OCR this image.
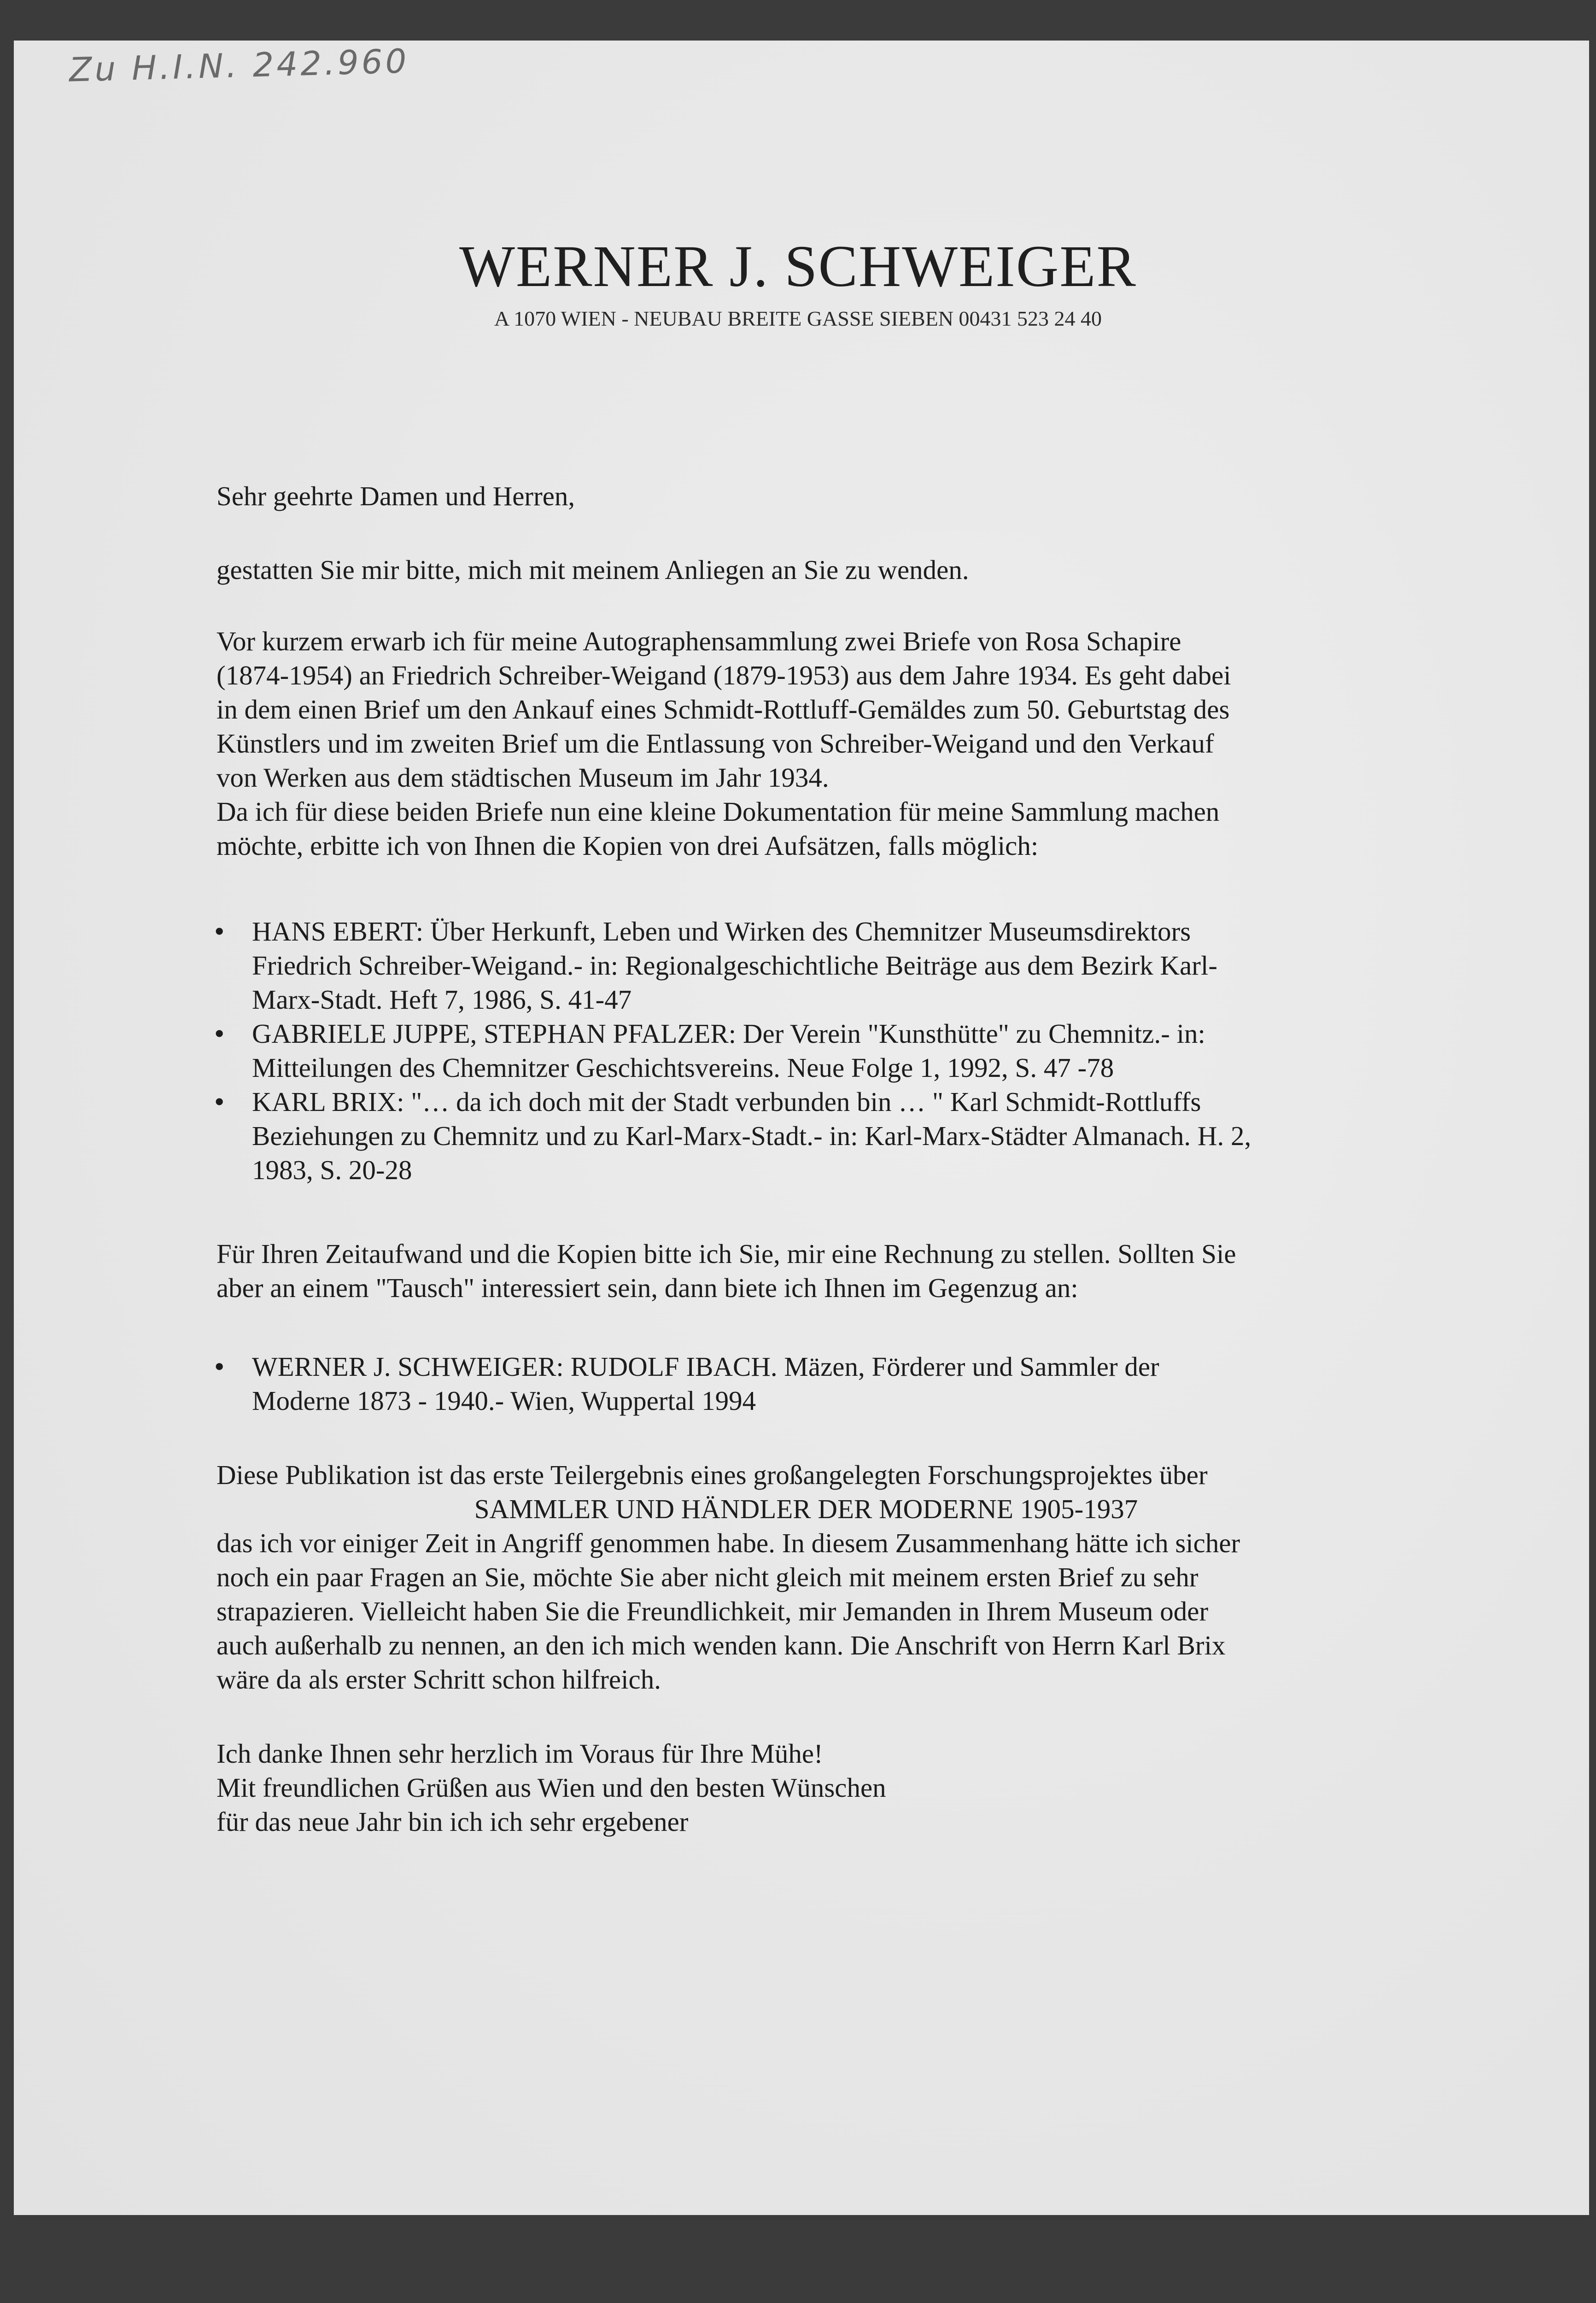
Zu H.I.N. 242.960

WERNER J. SCHWEIGER

A 1070 WIEN - NEUBAU BREITE GASSE SIEBEN 00431 523 24 40

Sehr geehrte Damen und Herren,

gestatten Sie mir bitte, mich mit meinem Anliegen an Sie zu wenden.

Vor kurzem erwarb ich für meine Autographensammlung zwei Briefe von Rosa Schapire
(1874-1954) an Friedrich Schreiber-Weigand (1879-1953) aus dem Jahre 1934. Es geht dabei
in dem einen Brief um den Ankauf eines Schmidt-Rottluff-Gemäldes zum 50. Geburtstag des
Künstlers und im zweiten Brief um die Entlassung von Schreiber-Weigand und den Verkauf
von Werken aus dem städtischen Museum im Jahr 1934.
Da ich für diese beiden Briefe nun eine kleine Dokumentation für meine Sammlung machen
möchte, erbitte ich von Ihnen die Kopien von drei Aufsätzen, falls möglich:
• HANS EBERT: Über Herkunft, Leben und Wirken des Chemnitzer Museumsdirektors
Friedrich Schreiber-Weigand.- in: Regionalgeschichtliche Beiträge aus dem Bezirk Karl-
Marx-Stadt. Heft 7, 1986, S. 41-47
• GABRIELE JUPPE, STEPHAN PFALZER: Der Verein "Kunsthütte" zu Chemnitz.- in:
Mitteilungen des Chemnitzer Geschichtsvereins. Neue Folge 1, 1992, S. 47 -78
• KARL BRIX: "… da ich doch mit der Stadt verbunden bin … " Karl Schmidt-Rottluffs
Beziehungen zu Chemnitz und zu Karl-Marx-Stadt.- in: Karl-Marx-Städter Almanach. H. 2,
1983, S. 20-28
Für Ihren Zeitaufwand und die Kopien bitte ich Sie, mir eine Rechnung zu stellen. Sollten Sie
aber an einem "Tausch" interessiert sein, dann biete ich Ihnen im Gegenzug an:
• WERNER J. SCHWEIGER: RUDOLF IBACH. Mäzen, Förderer und Sammler der
Moderne 1873 - 1940.- Wien, Wuppertal 1994

Diese Publikation ist das erste Teilergebnis eines großangelegten Forschungsprojektes über

SAMMLER UND HÄNDLER DER MODERNE 1905-1937

das ich vor einiger Zeit in Angriff genommen habe. In diesem Zusammenhang hätte ich sicher
noch ein paar Fragen an Sie, möchte Sie aber nicht gleich mit meinem ersten Brief zu sehr
strapazieren. Vielleicht haben Sie die Freundlichkeit, mir Jemanden in Ihrem Museum oder
auch außerhalb zu nennen, an den ich mich wenden kann. Die Anschrift von Herrn Karl Brix
wäre da als erster Schritt schon hilfreich.
Ich danke Ihnen sehr herzlich im Voraus für Ihre Mühe!
Mit freundlichen Grüßen aus Wien und den besten Wünschen
für das neue Jahr bin ich ich sehr ergebener
